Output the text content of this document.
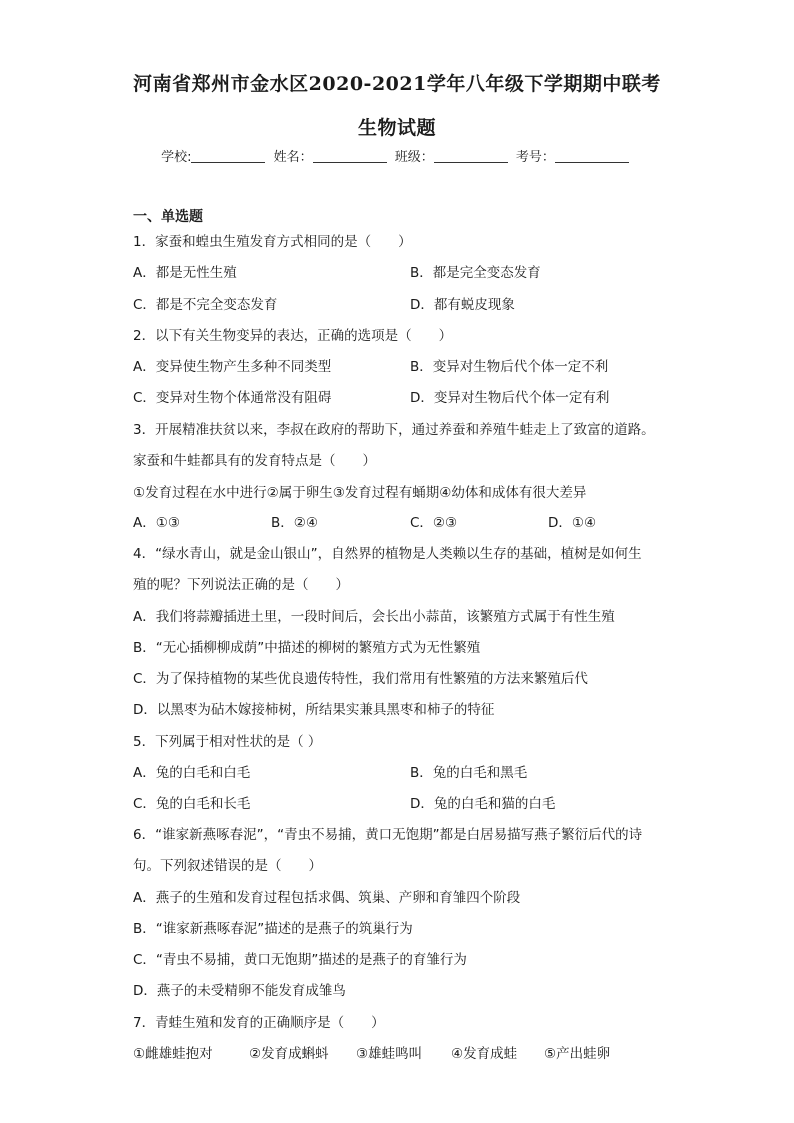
河南省郑州市金水区2020-2021学年八年级下学期期中联考
生物试题
学校:	姓名：	班级：	考号：
一、单选题
1．家蚕和蝗虫生殖发育方式相同的是（　　）
A．都是无性生殖	B．都是完全变态发育
C．都是不完全变态发育	D．都有蜕皮现象
2．以下有关生物变异的表达，正确的选项是（　　）
A．变异使生物产生多种不同类型	B．变异对生物后代个体一定不利
C．变异对生物个体通常没有阻碍	D．变异对生物后代个体一定有利
3．开展精准扶贫以来，李叔在政府的帮助下，通过养蚕和养殖牛蛙走上了致富的道路。
家蚕和牛蛙都具有的发育特点是（　　）
①发育过程在水中进行②属于卵生③发育过程有蛹期④幼体和成体有很大差异
A．①③	B．②④	C．②③	D．①④
4．“绿水青山，就是金山银山”，自然界的植物是人类赖以生存的基础，植树是如何生
殖的呢？下列说法正确的是（　　）
A．我们将蒜瓣插进土里，一段时间后，会长出小蒜苗，该繁殖方式属于有性生殖
B．“无心插柳柳成荫”中描述的柳树的繁殖方式为无性繁殖
C．为了保持植物的某些优良遗传特性，我们常用有性繁殖的方法来繁殖后代
D．以黑枣为砧木嫁接柿树，所结果实兼具黑枣和柿子的特征
5．下列属于相对性状的是（ ）
A．兔的白毛和白毛	B．兔的白毛和黑毛
C．兔的白毛和长毛	D．兔的白毛和猫的白毛
6．“谁家新燕啄春泥”，“青虫不易捕，黄口无饱期”都是白居易描写燕子繁衍后代的诗
句。下列叙述错误的是（　　）
A．燕子的生殖和发育过程包括求偶、筑巢、产卵和育雏四个阶段
B．“谁家新燕啄春泥”描述的是燕子的筑巢行为
C．“青虫不易捕，黄口无饱期”描述的是燕子的育雏行为
D．燕子的未受精卵不能发育成雏鸟
7．青蛙生殖和发育的正确顺序是（　　）
①雌雄蛙抱对	②发育成蝌蚪 ③雄蛙鸣叫 ④发育成蛙 ⑤产出蛙卵
